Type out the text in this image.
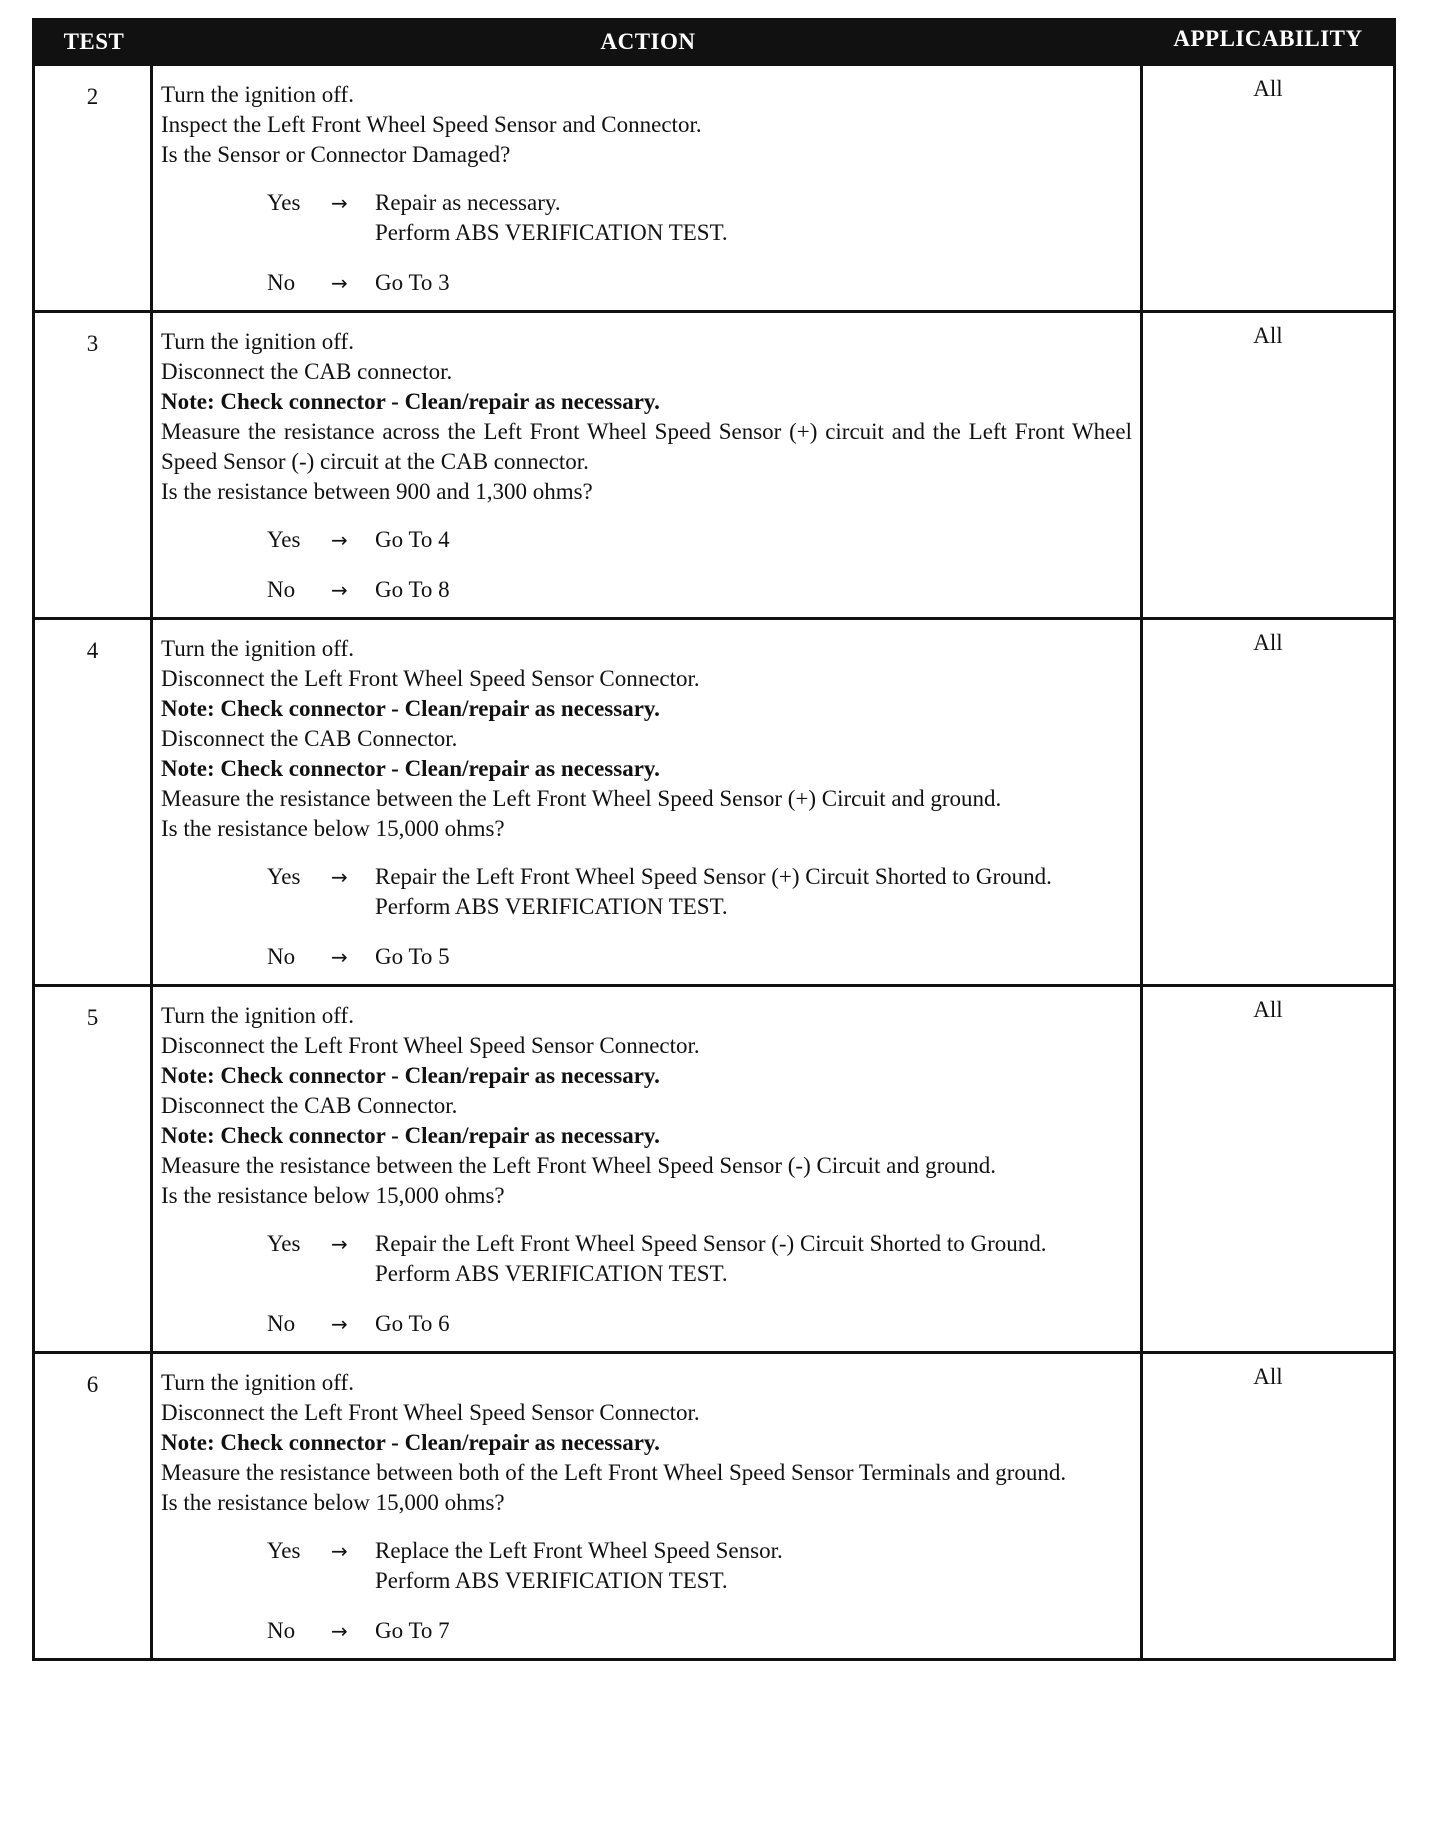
TEST	ACTION	APPLICABILITY
2	Turn the ignition off.
Inspect the Left Front Wheel Speed Sensor and Connector.
Is the Sensor or Connector Damaged?
Yes	→	Repair as necessary.
Perform ABS VERIFICATION TEST.
No	→	Go To 3
All
3	Turn the ignition off.
Disconnect the CAB connector.
Note: Check connector - Clean/repair as necessary.
Measure the resistance across the Left Front Wheel Speed Sensor (+) circuit and the Left Front Wheel Speed Sensor (-) circuit at the CAB connector.
Is the resistance between 900 and 1,300 ohms?
Yes	→	Go To 4
No	→	Go To 8
All
4	Turn the ignition off.
Disconnect the Left Front Wheel Speed Sensor Connector.
Note: Check connector - Clean/repair as necessary.
Disconnect the CAB Connector.
Note: Check connector - Clean/repair as necessary.
Measure the resistance between the Left Front Wheel Speed Sensor (+) Circuit and ground.
Is the resistance below 15,000 ohms?
Yes	→	Repair the Left Front Wheel Speed Sensor (+) Circuit Shorted to Ground.
Perform ABS VERIFICATION TEST.
No	→	Go To 5
All
5	Turn the ignition off.
Disconnect the Left Front Wheel Speed Sensor Connector.
Note: Check connector - Clean/repair as necessary.
Disconnect the CAB Connector.
Note: Check connector - Clean/repair as necessary.
Measure the resistance between the Left Front Wheel Speed Sensor (-) Circuit and ground.
Is the resistance below 15,000 ohms?
Yes	→	Repair the Left Front Wheel Speed Sensor (-) Circuit Shorted to Ground.
Perform ABS VERIFICATION TEST.
No	→	Go To 6
All
6	Turn the ignition off.
Disconnect the Left Front Wheel Speed Sensor Connector.
Note: Check connector - Clean/repair as necessary.
Measure the resistance between both of the Left Front Wheel Speed Sensor Terminals and ground.
Is the resistance below 15,000 ohms?
Yes	→	Replace the Left Front Wheel Speed Sensor.
Perform ABS VERIFICATION TEST.
No	→	Go To 7
All
